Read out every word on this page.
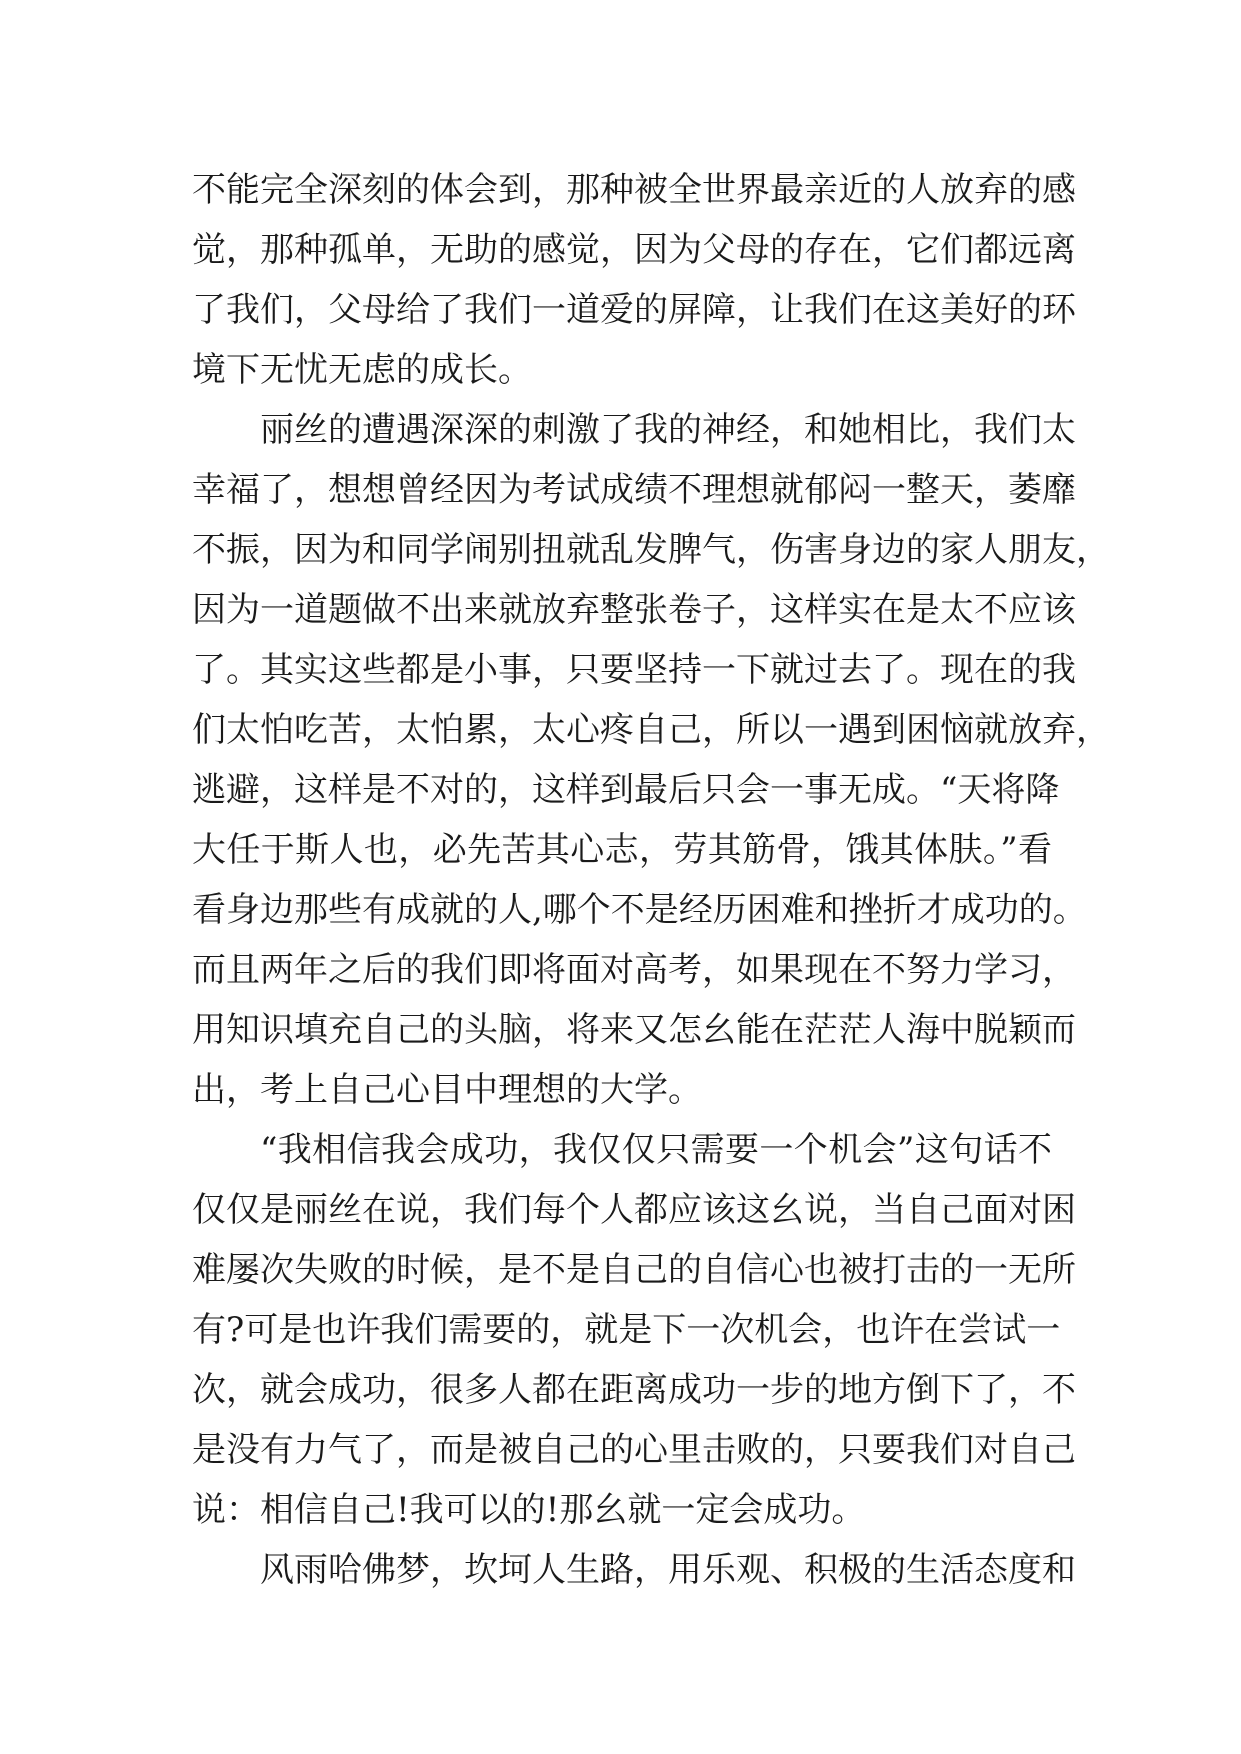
不能完全深刻的体会到，那种被全世界最亲近的人放弃的感
觉，那种孤单，无助的感觉，因为父母的存在，它们都远离
了我们，父母给了我们一道爱的屏障，让我们在这美好的环
境下无忧无虑的成长。
丽丝的遭遇深深的刺激了我的神经，和她相比，我们太
幸福了，想想曾经因为考试成绩不理想就郁闷一整天，萎靡
不振，因为和同学闹别扭就乱发脾气，伤害身边的家人朋友，
因为一道题做不出来就放弃整张卷子，这样实在是太不应该
了。其实这些都是小事，只要坚持一下就过去了。现在的我
们太怕吃苦，太怕累，太心疼自己，所以一遇到困恼就放弃，
逃避，这样是不对的，这样到最后只会一事无成。“天将降
大任于斯人也，必先苦其心志，劳其筋骨，饿其体肤。”看
看身边那些有成就的人,哪个不是经历困难和挫折才成功的。
而且两年之后的我们即将面对高考，如果现在不努力学习，
用知识填充自己的头脑，将来又怎幺能在茫茫人海中脱颖而
出，考上自己心目中理想的大学。
“我相信我会成功，我仅仅只需要一个机会”这句话不
仅仅是丽丝在说，我们每个人都应该这幺说，当自己面对困
难屡次失败的时候，是不是自己的自信心也被打击的一无所
有?可是也许我们需要的，就是下一次机会，也许在尝试一
次，就会成功，很多人都在距离成功一步的地方倒下了，不
是没有力气了，而是被自己的心里击败的，只要我们对自己
说：相信自己!我可以的!那幺就一定会成功。
风雨哈佛梦，坎坷人生路，用乐观、积极的生活态度和
